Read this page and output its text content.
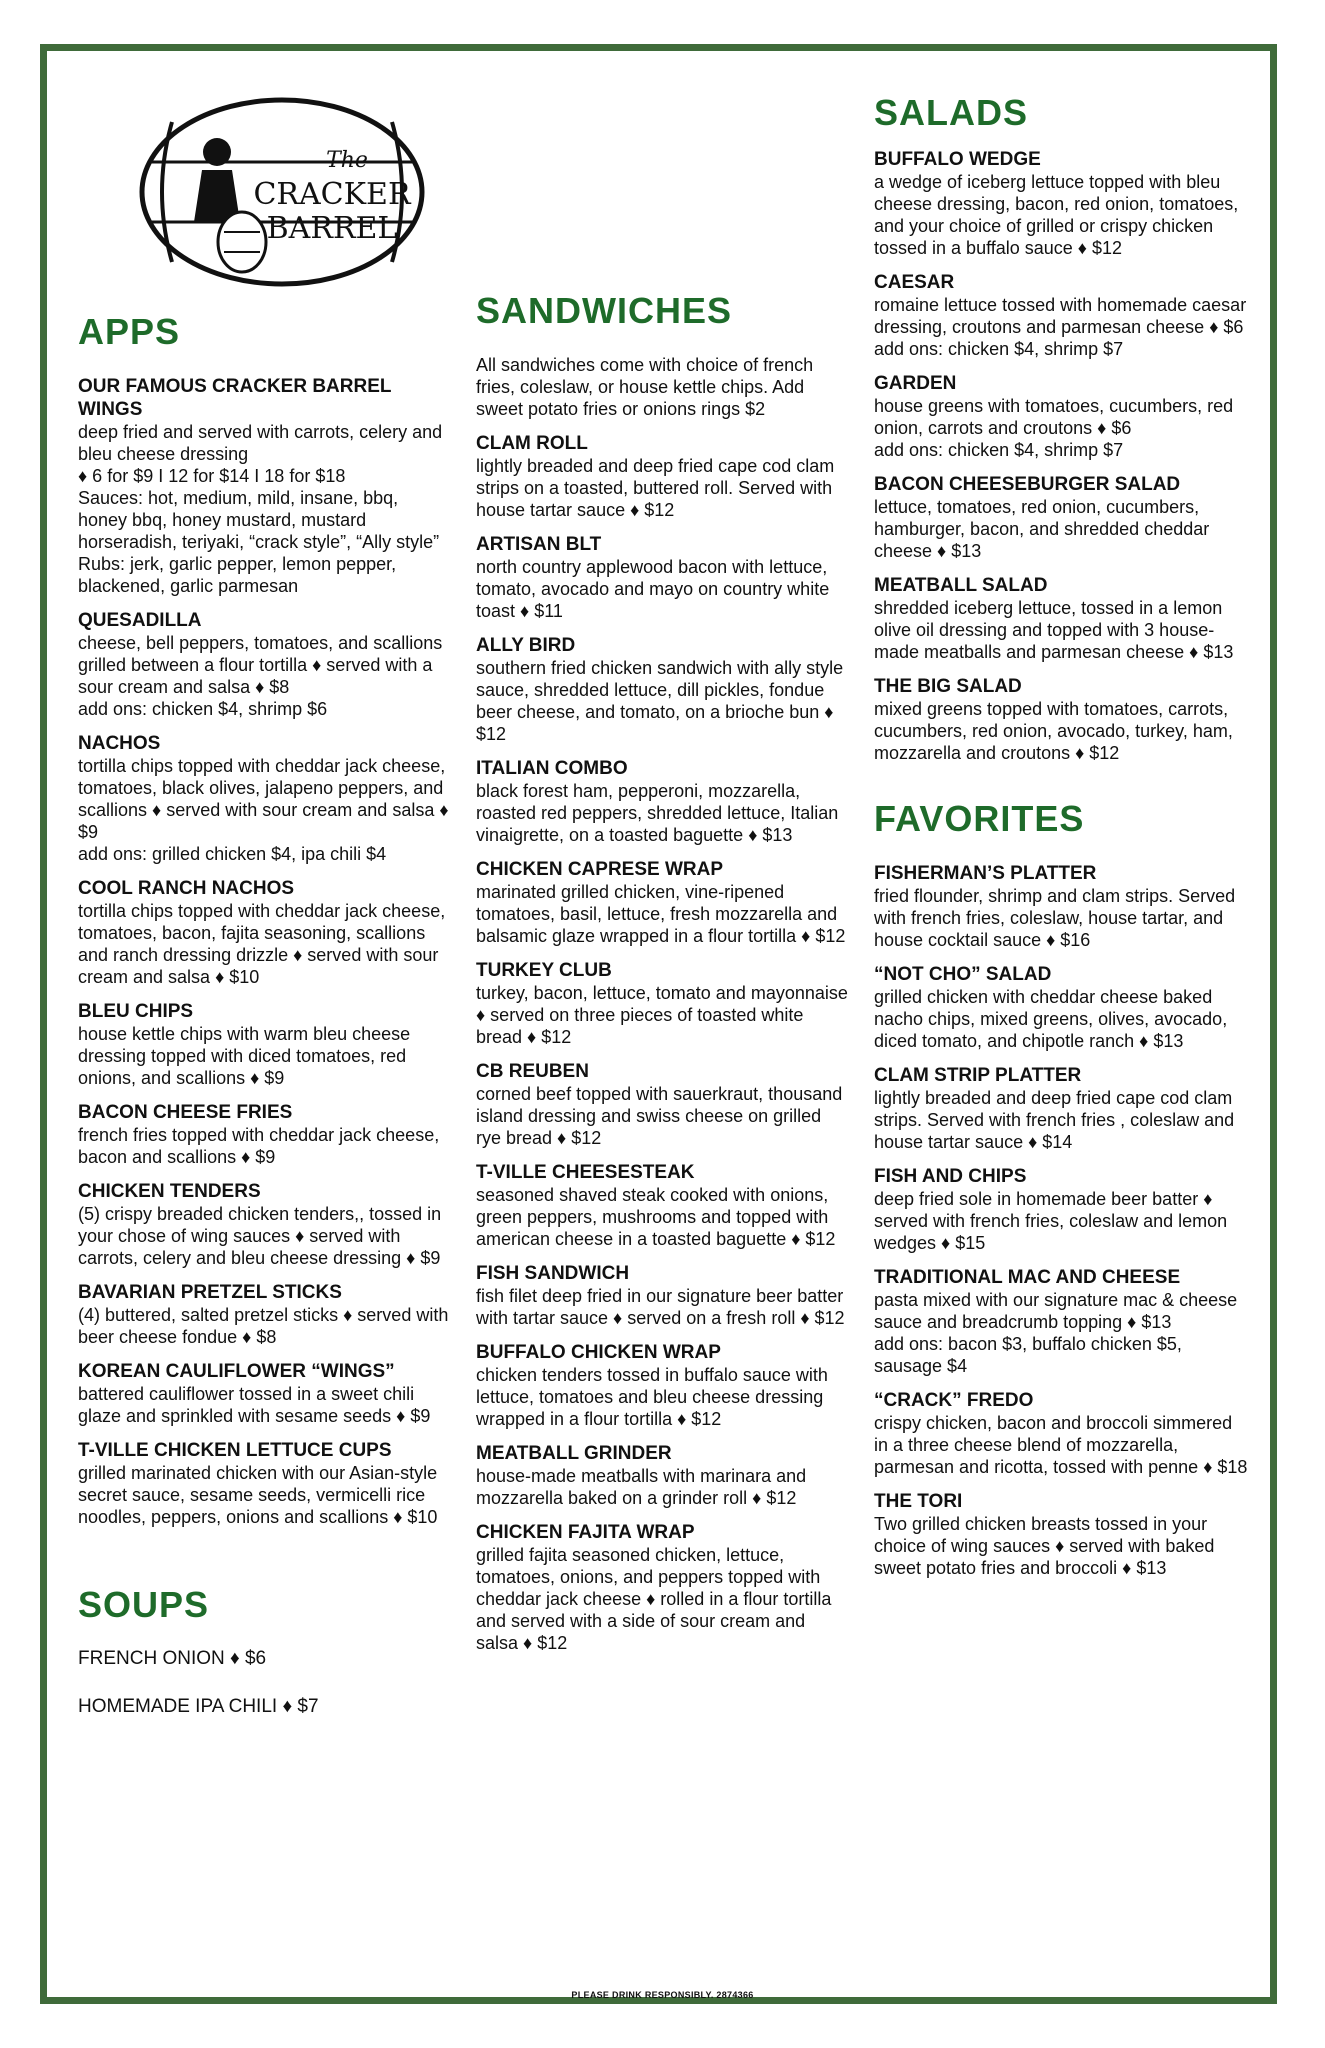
The
CRACKER
BARREL
APPS
OUR FAMOUS CRACKER BARREL WINGS
deep fried and served with carrots, celery and bleu cheese dressing
♦ 6 for $9 I 12 for $14 I 18 for $18
Sauces: hot, medium, mild, insane, bbq, honey bbq, honey mustard, mustard horseradish, teriyaki, “crack style”, “Ally style”
Rubs: jerk, garlic pepper, lemon pepper, blackened, garlic parmesan
QUESADILLA
cheese, bell peppers, tomatoes, and scallions grilled between a flour tortilla ♦ served with a sour cream and salsa ♦ $8
add ons: chicken $4, shrimp $6
NACHOS
tortilla chips topped with cheddar jack cheese, tomatoes, black olives, jalapeno peppers, and scallions ♦ served with sour cream and salsa ♦ $9
add ons: grilled chicken $4, ipa chili $4
COOL RANCH NACHOS
tortilla chips topped with cheddar jack cheese, tomatoes, bacon, fajita seasoning, scallions and ranch dressing drizzle ♦ served with sour cream and salsa ♦ $10
BLEU CHIPS
house kettle chips with warm bleu cheese dressing topped with diced tomatoes, red onions, and scallions ♦ $9
BACON CHEESE FRIES
french fries topped with cheddar jack cheese, bacon and scallions ♦ $9
CHICKEN TENDERS
(5) crispy breaded chicken tenders,, tossed in your chose of wing sauces ♦ served with carrots, celery and bleu cheese dressing ♦ $9
BAVARIAN PRETZEL STICKS
(4) buttered, salted pretzel sticks ♦ served with beer cheese fondue ♦ $8
KOREAN CAULIFLOWER “WINGS”
battered cauliflower tossed in a sweet chili glaze and sprinkled with sesame seeds ♦ $9
T-VILLE CHICKEN LETTUCE CUPS
grilled marinated chicken with our Asian-style secret sauce, sesame seeds, vermicelli rice noodles, peppers, onions and scallions ♦ $10
SOUPS
FRENCH ONION ♦ $6
HOMEMADE IPA CHILI ♦ $7
SANDWICHES
All sandwiches come with choice of french fries, coleslaw, or house kettle chips. Add sweet potato fries or onions rings $2
CLAM ROLL
lightly breaded and deep fried cape cod clam strips on a toasted, buttered roll. Served with house tartar sauce ♦ $12
ARTISAN BLT
north country applewood bacon with lettuce, tomato, avocado and mayo on country white toast ♦ $11
ALLY BIRD
southern fried chicken sandwich with ally style sauce, shredded lettuce, dill pickles, fondue beer cheese, and tomato, on a brioche bun ♦ $12
ITALIAN COMBO
black forest ham, pepperoni, mozzarella, roasted red peppers, shredded lettuce, Italian vinaigrette, on a toasted baguette ♦ $13
CHICKEN CAPRESE WRAP
marinated grilled chicken, vine-ripened tomatoes, basil, lettuce, fresh mozzarella and balsamic glaze wrapped in a flour tortilla ♦ $12
TURKEY CLUB
turkey, bacon, lettuce, tomato and mayonnaise ♦ served on three pieces of toasted white bread ♦ $12
CB REUBEN
corned beef topped with sauerkraut, thousand island dressing and swiss cheese on grilled rye bread ♦ $12
T-VILLE CHEESESTEAK
seasoned shaved steak cooked with onions, green peppers, mushrooms and topped with american cheese in a toasted baguette ♦ $12
FISH SANDWICH
fish filet deep fried in our signature beer batter with tartar sauce ♦ served on a fresh roll ♦ $12
BUFFALO CHICKEN WRAP
chicken tenders tossed in buffalo sauce with lettuce, tomatoes and bleu cheese dressing wrapped in a flour tortilla ♦ $12
MEATBALL GRINDER
house-made meatballs with marinara and mozzarella baked on a grinder roll ♦ $12
CHICKEN FAJITA WRAP
grilled fajita seasoned chicken, lettuce, tomatoes, onions, and peppers topped with cheddar jack cheese ♦ rolled in a flour tortilla and served with a side of sour cream and salsa ♦ $12
SALADS
BUFFALO WEDGE
a wedge of iceberg lettuce topped with bleu cheese dressing, bacon, red onion, tomatoes, and your choice of grilled or crispy chicken tossed in a buffalo sauce ♦ $12
CAESAR
romaine lettuce tossed with homemade caesar dressing, croutons and parmesan cheese ♦ $6
add ons: chicken $4, shrimp $7
GARDEN
house greens with tomatoes, cucumbers, red onion, carrots and croutons ♦ $6
add ons: chicken $4, shrimp $7
BACON CHEESEBURGER SALAD
lettuce, tomatoes, red onion, cucumbers, hamburger, bacon, and shredded cheddar cheese ♦ $13
MEATBALL SALAD
shredded iceberg lettuce, tossed in a lemon olive oil dressing and topped with 3 house-made meatballs and parmesan cheese ♦ $13
THE BIG SALAD
mixed greens topped with tomatoes, carrots, cucumbers, red onion, avocado, turkey, ham, mozzarella and croutons ♦ $12
FAVORITES
FISHERMAN’S PLATTER
fried flounder, shrimp and clam strips. Served with french fries, coleslaw, house tartar, and house cocktail sauce ♦ $16
“NOT CHO” SALAD
grilled chicken with cheddar cheese baked nacho chips, mixed greens, olives, avocado, diced tomato, and chipotle ranch ♦ $13
CLAM STRIP PLATTER
lightly breaded and deep fried cape cod clam strips. Served with french fries , coleslaw and house tartar sauce ♦ $14
FISH AND CHIPS
deep fried sole in homemade beer batter ♦ served with french fries, coleslaw and lemon wedges ♦ $15
TRADITIONAL MAC AND CHEESE
pasta mixed with our signature mac & cheese sauce and breadcrumb topping ♦ $13
add ons: bacon $3, buffalo chicken $5, sausage $4
“CRACK” FREDO
crispy chicken, bacon and broccoli simmered in a three cheese blend of mozzarella, parmesan and ricotta, tossed with penne ♦ $18
THE TORI
Two grilled chicken breasts tossed in your choice of wing sauces ♦ served with baked sweet potato fries and broccoli ♦ $13
PLEASE DRINK RESPONSIBLY. 2874366
